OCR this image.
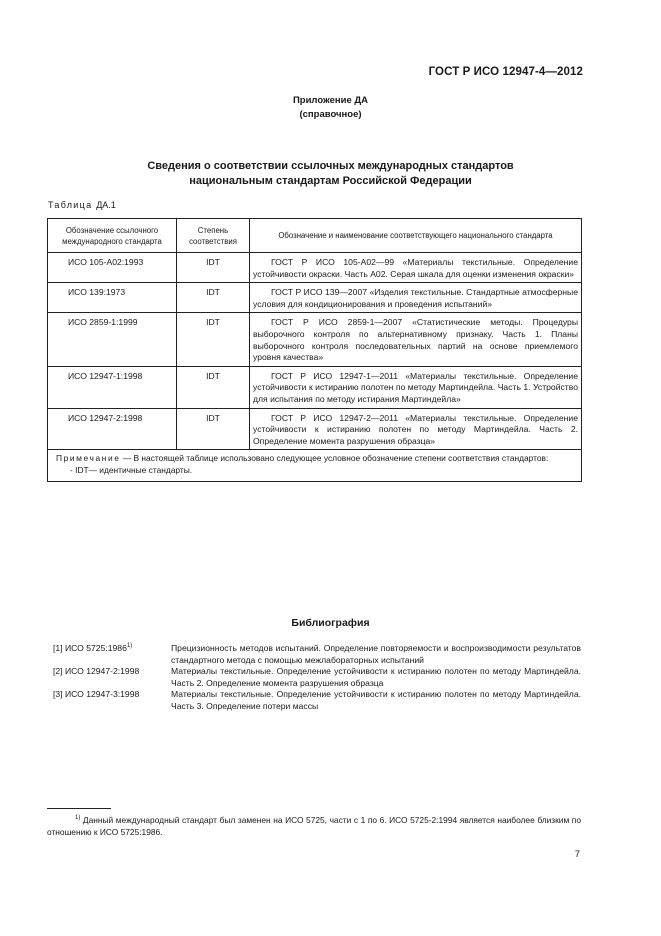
ГОСТ Р ИСО 12947-4—2012
Приложение ДА
(справочное)
Сведения о соответствии ссылочных международных стандартов
национальным стандартам Российской Федерации
Таблица ДА.1
Обозначение ссылочного международного стандарта	Степень соответствия	Обозначение и наименование соответствующего национального стандарта
ИСО 105-А02:1993	IDT	ГОСТ Р ИСО 105-А02—99 «Материалы текстильные. Определение устойчивости окраски. Часть А02. Серая шкала для оценки изменения окраски»
ИСО 139:1973	IDT	ГОСТ Р ИСО 139—2007 «Изделия текстильные. Стандартные атмосферные условия для кондиционирования и проведения испытаний»
ИСО 2859-1:1999	IDT	ГОСТ Р ИСО 2859-1—2007 «Статистические методы. Процедуры выборочного контроля по альтернативному признаку. Часть 1. Планы выборочного контроля последовательных партий на основе приемлемого уровня качества»
ИСО 12947-1:1998	IDT	ГОСТ Р ИСО 12947-1—2011 «Материалы текстильные. Определение устойчивости к истиранию полотен по методу Мартиндейла. Часть 1. Устройство для испытания по методу истирания Мартиндейла»
ИСО 12947-2:1998	IDT	ГОСТ Р ИСО 12947-2—2011 «Материалы текстильные. Определение устойчивости к истиранию полотен по методу Мартиндейла. Часть 2. Определение момента разрушения образца»
Примечание — В настоящей таблице использовано следующее условное обозначение степени соответствия стандартов:
- IDT— идентичные стандарты.		
Библиография
[1] ИСО 5725:1986$^{1)}$	Прецизионность методов испытаний. Определение повторяемости и воспроизводимости результатов стандартного метода с помощью межлабораторных испытаний
[2] ИСО 12947-2:1998	Материалы текстильные. Определение устойчивости к истиранию полотен по методу Мартиндейла. Часть 2. Определение момента разрушения образца
[3] ИСО 12947-3:1998	Материалы текстильные. Определение устойчивости к истиранию полотен по методу Мартиндейла. Часть 3. Определение потери массы
$^{1)}$ Данный международный стандарт был заменен на ИСО 5725, части с 1 по 6. ИСО 5725-2:1994 является наиболее близким по отношению к ИСО 5725:1986.
7
